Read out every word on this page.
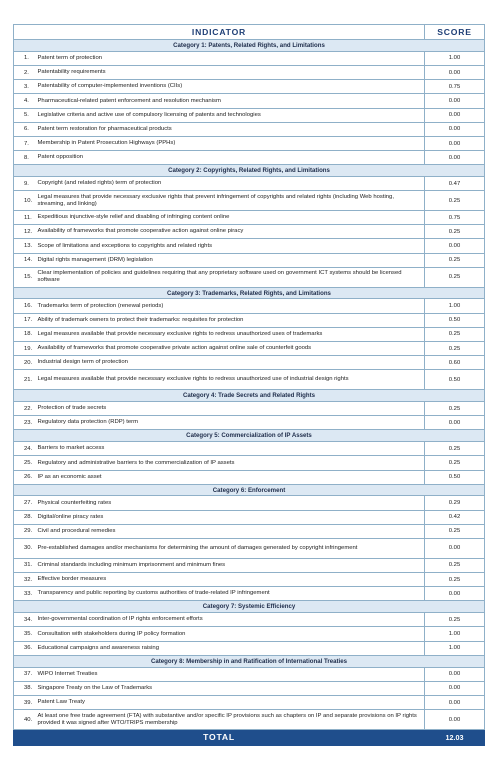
INDICATOR		SCORE
Category 1: Patents, Related Rights, and Limitations		
1.	Patent term of protection	1.00
2.	Patentability requirements	0.00
3.	Patentability of computer-implemented inventions (CIIs)	0.75
4.	Pharmaceutical-related patent enforcement and resolution mechanism	0.00
5.	Legislative criteria and active use of compulsory licensing of patents and technologies	0.00
6.	Patent term restoration for pharmaceutical products	0.00
7.	Membership in Patent Prosecution Highways (PPHs)	0.00
8.	Patent opposition	0.00
Category 2: Copyrights, Related Rights, and Limitations		
9.	Copyright (and related rights) term of protection	0.47
10.	Legal measures that provide necessary exclusive rights that prevent infringement of copyrights and related rights (including Web hosting, streaming, and linking)	0.25
11.	Expeditious injunctive-style relief and disabling of infringing content online	0.75
12.	Availability of frameworks that promote cooperative action against online piracy	0.25
13.	Scope of limitations and exceptions to copyrights and related rights	0.00
14.	Digital rights management (DRM) legislation	0.25
15.	Clear implementation of policies and guidelines requiring that any proprietary software used on government ICT systems should be licensed software	0.25
Category 3: Trademarks, Related Rights, and Limitations		
16.	Trademarks term of protection (renewal periods)	1.00
17.	Ability of trademark owners to protect their trademarks: requisites for protection	0.50
18.	Legal measures available that provide necessary exclusive rights to redress unauthorized uses of trademarks	0.25
19.	Availability of frameworks that promote cooperative private action against online sale of counterfeit goods	0.25
20.	Industrial design term of protection	0.60
21.	Legal measures available that provide necessary exclusive rights to redress unauthorized use of industrial design rights	0.50
Category 4: Trade Secrets and Related Rights		
22.	Protection of trade secrets	0.25
23.	Regulatory data protection (RDP) term	0.00
Category 5: Commercialization of IP Assets		
24.	Barriers to market access	0.25
25.	Regulatory and administrative barriers to the commercialization of IP assets	0.25
26.	IP as an economic asset	0.50
Category 6: Enforcement		
27.	Physical counterfeiting rates	0.29
28.	Digital/online piracy rates	0.42
29.	Civil and procedural remedies	0.25
30.	Pre-established damages and/or mechanisms for determining the amount of damages generated by copyright infringement	0.00
31.	Criminal standards including minimum imprisonment and minimum fines	0.25
32.	Effective border measures	0.25
33.	Transparency and public reporting by customs authorities of trade-related IP infringement	0.00
Category 7: Systemic Efficiency		
34.	Inter-governmental coordination of IP rights enforcement efforts	0.25
35.	Consultation with stakeholders during IP policy formation	1.00
36.	Educational campaigns and awareness raising	1.00
Category 8: Membership in and Ratification of International Treaties		
37.	WIPO Internet Treaties	0.00
38.	Singapore Treaty on the Law of Trademarks	0.00
39.	Patent Law Treaty	0.00
40.	At least one free trade agreement (FTA) with substantive and/or specific IP provisions such as chapters on IP and separate provisions on IP rights provided it was signed after WTO/TRIPS membership	0.00
TOTAL		12.03
